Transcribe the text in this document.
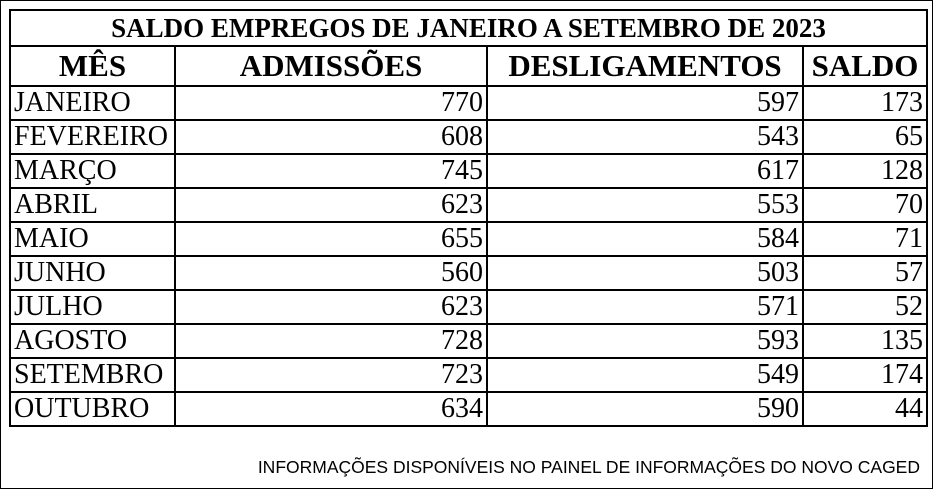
SALDO EMPREGOS DE JANEIRO A SETEMBRO DE 2023			
MÊS	ADMISSÕES	DESLIGAMENTOS	SALDO
JANEIRO	770	597	173
FEVEREIRO	608	543	65
MARÇO	745	617	128
ABRIL	623	553	70
MAIO	655	584	71
JUNHO	560	503	57
JULHO	623	571	52
AGOSTO	728	593	135
SETEMBRO	723	549	174
OUTUBRO	634	590	44
INFORMAÇÕES DISPONÍVEIS NO PAINEL DE INFORMAÇÕES DO NOVO CAGED
